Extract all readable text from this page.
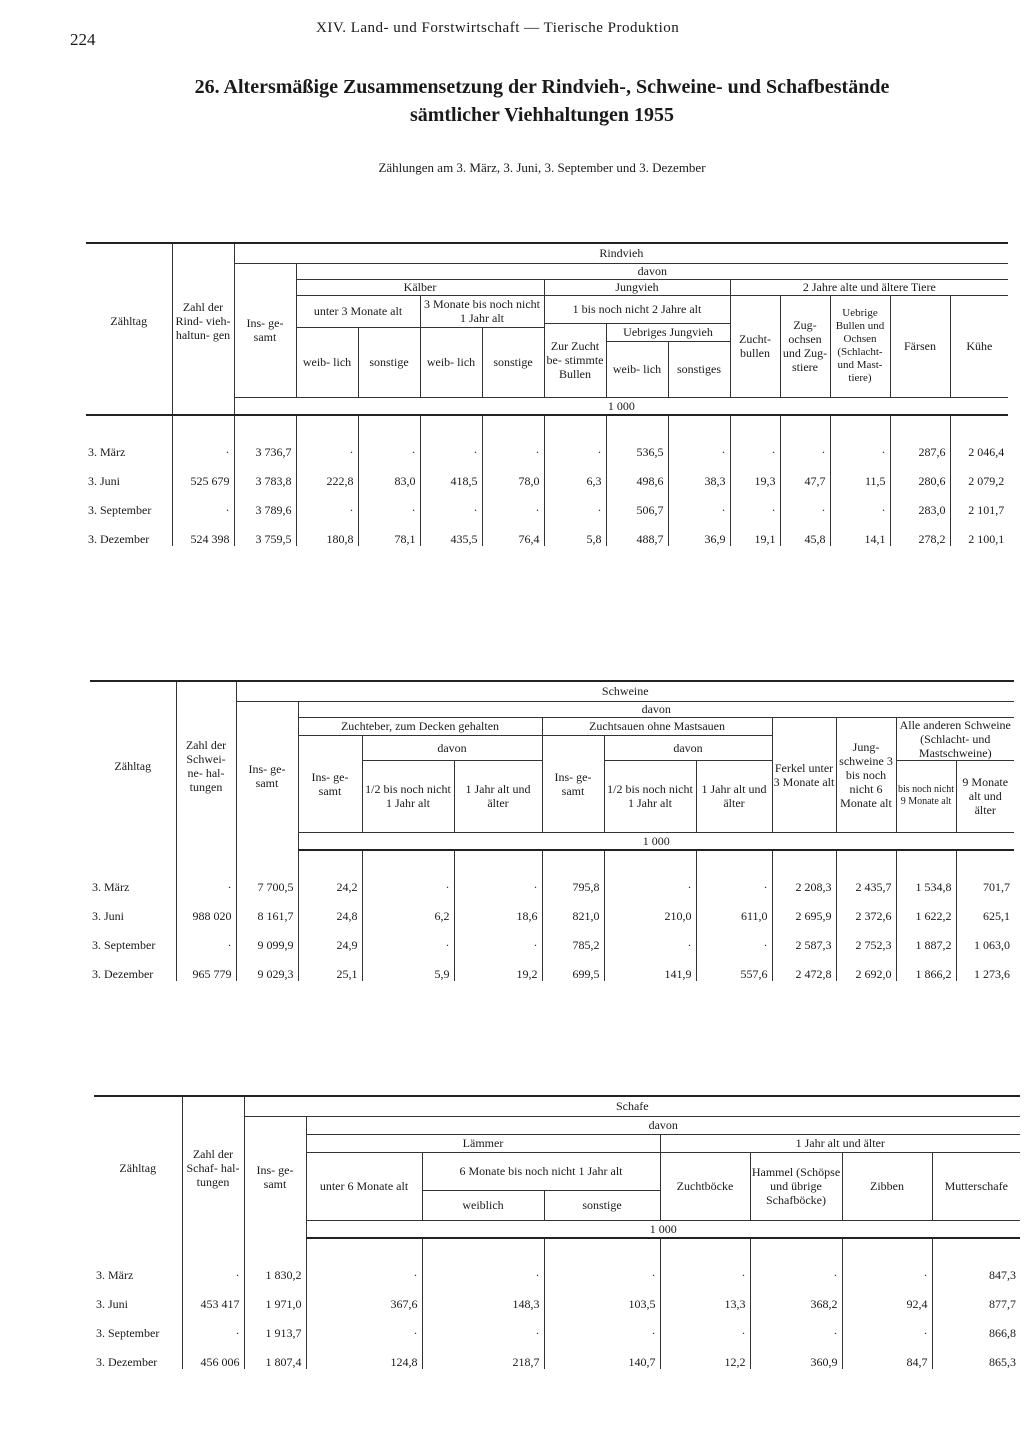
224
XIV. Land- und Forstwirtschaft — Tierische Produktion
26. Altersmäßige Zusammensetzung der Rindvieh-, Schweine- und Schafbestände
sämtlicher Viehhaltungen 1955
Zählungen am 3. März, 3. Juni, 3. September und 3. Dezember
Zähltag	Zahl der Rind- vieh- haltun- gen	Rindvieh												
		Ins- ge- samt	davon											
			Kälber				Jungvieh			2 Jahre alte und ältere Tiere				
			unter 3 Monate alt		3 Monate bis noch nicht 1 Jahr alt		1 bis noch nicht 2 Jahre alt			Zucht- bullen	Zug- ochsen und Zug- stiere	Uebrige Bullen und Ochsen (Schlacht- und Mast- tiere)	Färsen	Kühe
							Zur Zucht be- stimmte Bullen	Uebriges Jungvieh						
			weib- lich	sonstige	weib- lich	sonstige								
								weib- lich	sonstiges					
		1 000												

3. März	·	3 736,7	·	·	·	·	·	536,5	·	·	·	·	287,6	2 046,4
3. Juni	525 679	3 783,8	222,8	83,0	418,5	78,0	6,3	498,6	38,3	19,3	47,7	11,5	280,6	2 079,2
3. September	·	3 789,6	·	·	·	·	·	506,7	·	·	·	·	283,0	2 101,7
3. Dezember	524 398	3 759,5	180,8	78,1	435,5	76,4	5,8	488,7	36,9	19,1	45,8	14,1	278,2	2 100,1
Zähltag	Zahl der Schwei- ne- hal- tungen	Schweine										
		Ins- ge- samt	davon									
			Zuchteber, zum Decken gehalten			Zuchtsauen ohne Mastsauen			Ferkel unter 3 Monate alt	Jung- schweine 3 bis noch nicht 6 Monate alt	Alle anderen Schweine (Schlacht- und Mastschweine)	
			Ins- ge- samt	davon		Ins- ge- samt	davon					
				1/2 bis noch nicht 1 Jahr alt	1 Jahr alt und älter		1/2 bis noch nicht 1 Jahr alt	1 Jahr alt und älter			bis noch nicht 9 Monate alt	9 Monate alt und älter
			1 000									

3. März	·	7 700,5	24,2	·	·	795,8	·	·	2 208,3	2 435,7	1 534,8	701,7
3. Juni	988 020	8 161,7	24,8	6,2	18,6	821,0	210,0	611,0	2 695,9	2 372,6	1 622,2	625,1
3. September	·	9 099,9	24,9	·	·	785,2	·	·	2 587,3	2 752,3	1 887,2	1 063,0
3. Dezember	965 779	9 029,3	25,1	5,9	19,2	699,5	141,9	557,6	2 472,8	2 692,0	1 866,2	1 273,6
Zähltag	Zahl der Schaf- hal- tungen	Schafe							
		Ins- ge- samt	davon						
			Lämmer			1 Jahr alt und älter			
			unter 6 Monate alt	6 Monate bis noch nicht 1 Jahr alt		Zuchtböcke	Hammel (Schöpse und übrige Schafböcke)	Zibben	Mutterschafe
				weiblich	sonstige				
			1 000						

3. März	·	1 830,2	·	·	·	·	·	·	847,3
3. Juni	453 417	1 971,0	367,6	148,3	103,5	13,3	368,2	92,4	877,7
3. September	·	1 913,7	·	·	·	·	·	·	866,8
3. Dezember	456 006	1 807,4	124,8	218,7	140,7	12,2	360,9	84,7	865,3
